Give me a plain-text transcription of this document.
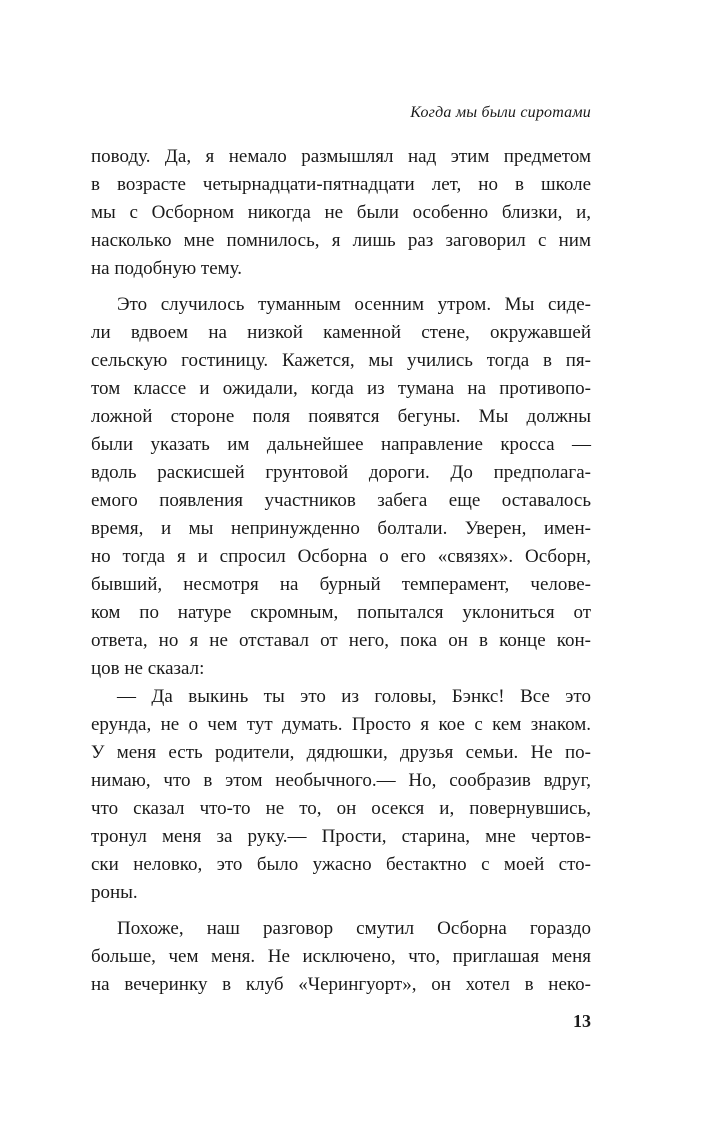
Когда мы были сиротами
поводу. Да, я немало размышлял над этим предметом
в возрасте четырнадцати-пятнадцати лет, но в школе
мы с Осборном никогда не были особенно близки, и,
насколько мне помнилось, я лишь раз заговорил с ним
на подобную тему.
Это случилось туманным осенним утром. Мы сиде-
ли вдвоем на низкой каменной стене, окружавшей
сельскую гостиницу. Кажется, мы учились тогда в пя-
том классе и ожидали, когда из тумана на противопо-
ложной стороне поля появятся бегуны. Мы должны
были указать им дальнейшее направление кросса —
вдоль раскисшей грунтовой дороги. До предполага-
емого появления участников забега еще оставалось
время, и мы непринужденно болтали. Уверен, имен-
но тогда я и спросил Осборна о его «связях». Осборн,
бывший, несмотря на бурный темперамент, челове-
ком по натуре скромным, попытался уклониться от
ответа, но я не отставал от него, пока он в конце кон-
цов не сказал:
— Да выкинь ты это из головы, Бэнкс! Все это
ерунда, не о чем тут думать. Просто я кое с кем знаком.
У меня есть родители, дядюшки, друзья семьи. Не по-
нимаю, что в этом необычного.— Но, сообразив вдруг,
что сказал что-то не то, он осекся и, повернувшись,
тронул меня за руку.— Прости, старина, мне чертов-
ски неловко, это было ужасно бестактно с моей сто-
роны.
Похоже, наш разговор смутил Осборна гораздо
больше, чем меня. Не исключено, что, приглашая меня
на вечеринку в клуб «Черингуорт», он хотел в неко-
13
